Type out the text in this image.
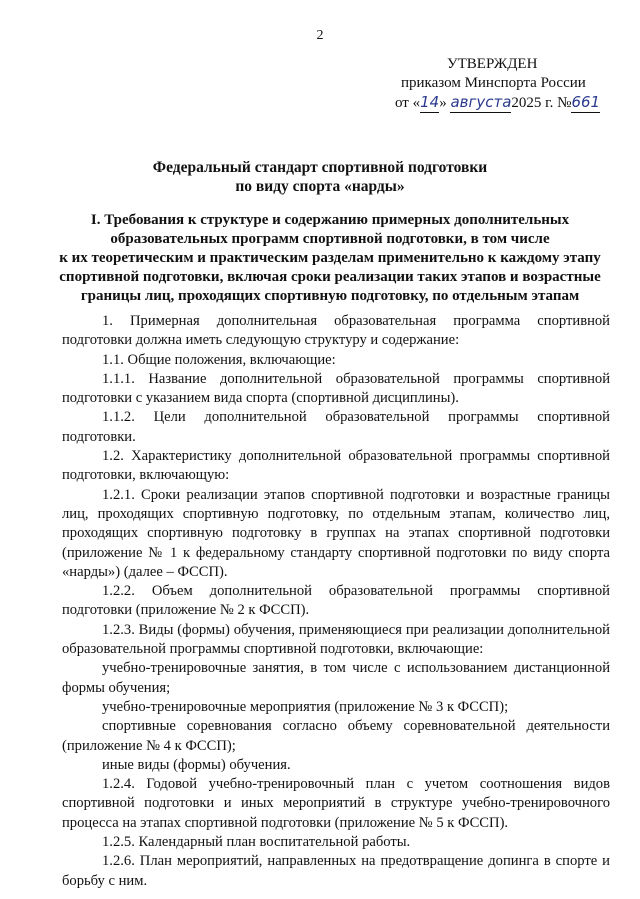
2
УТВЕРЖДЕН
приказом Минспорта России
от «14» августа2025 г. №661
Федеральный стандарт спортивной подготовки
по виду спорта «нарды»
I. Требования к структуре и содержанию примерных дополнительных
образовательных программ спортивной подготовки, в том числе
к их теоретическим и практическим разделам применительно к каждому этапу
спортивной подготовки, включая сроки реализации таких этапов и возрастные
границы лиц, проходящих спортивную подготовку, по отдельным этапам

1. Примерная дополнительная образовательная программа спортивной подготовки должна иметь следующую структуру и содержание:

1.1. Общие положения, включающие:

1.1.1. Название дополнительной образовательной программы спортивной подготовки с указанием вида спорта (спортивной дисциплины).

1.1.2. Цели дополнительной образовательной программы спортивной подготовки.

1.2. Характеристику дополнительной образовательной программы спортивной подготовки, включающую:

1.2.1. Сроки реализации этапов спортивной подготовки и возрастные границы лиц, проходящих спортивную подготовку, по отдельным этапам, количество лиц, проходящих спортивную подготовку в группах на этапах спортивной подготовки (приложение № 1 к федеральному стандарту спортивной подготовки по виду спорта «нарды») (далее – ФССП).

1.2.2. Объем дополнительной образовательной программы спортивной подготовки (приложение № 2 к ФССП).

1.2.3. Виды (формы) обучения, применяющиеся при реализации дополнительной образовательной программы спортивной подготовки, включающие:

учебно-тренировочные занятия, в том числе с использованием дистанционной формы обучения;

учебно-тренировочные мероприятия (приложение № 3 к ФССП);

спортивные соревнования согласно объему соревновательной деятельности (приложение № 4 к ФССП);

иные виды (формы) обучения.

1.2.4. Годовой учебно-тренировочный план с учетом соотношения видов спортивной подготовки и иных мероприятий в структуре учебно-тренировочного процесса на этапах спортивной подготовки (приложение № 5 к ФССП).

1.2.5. Календарный план воспитательной работы.

1.2.6. План мероприятий, направленных на предотвращение допинга в спорте и борьбу с ним.
